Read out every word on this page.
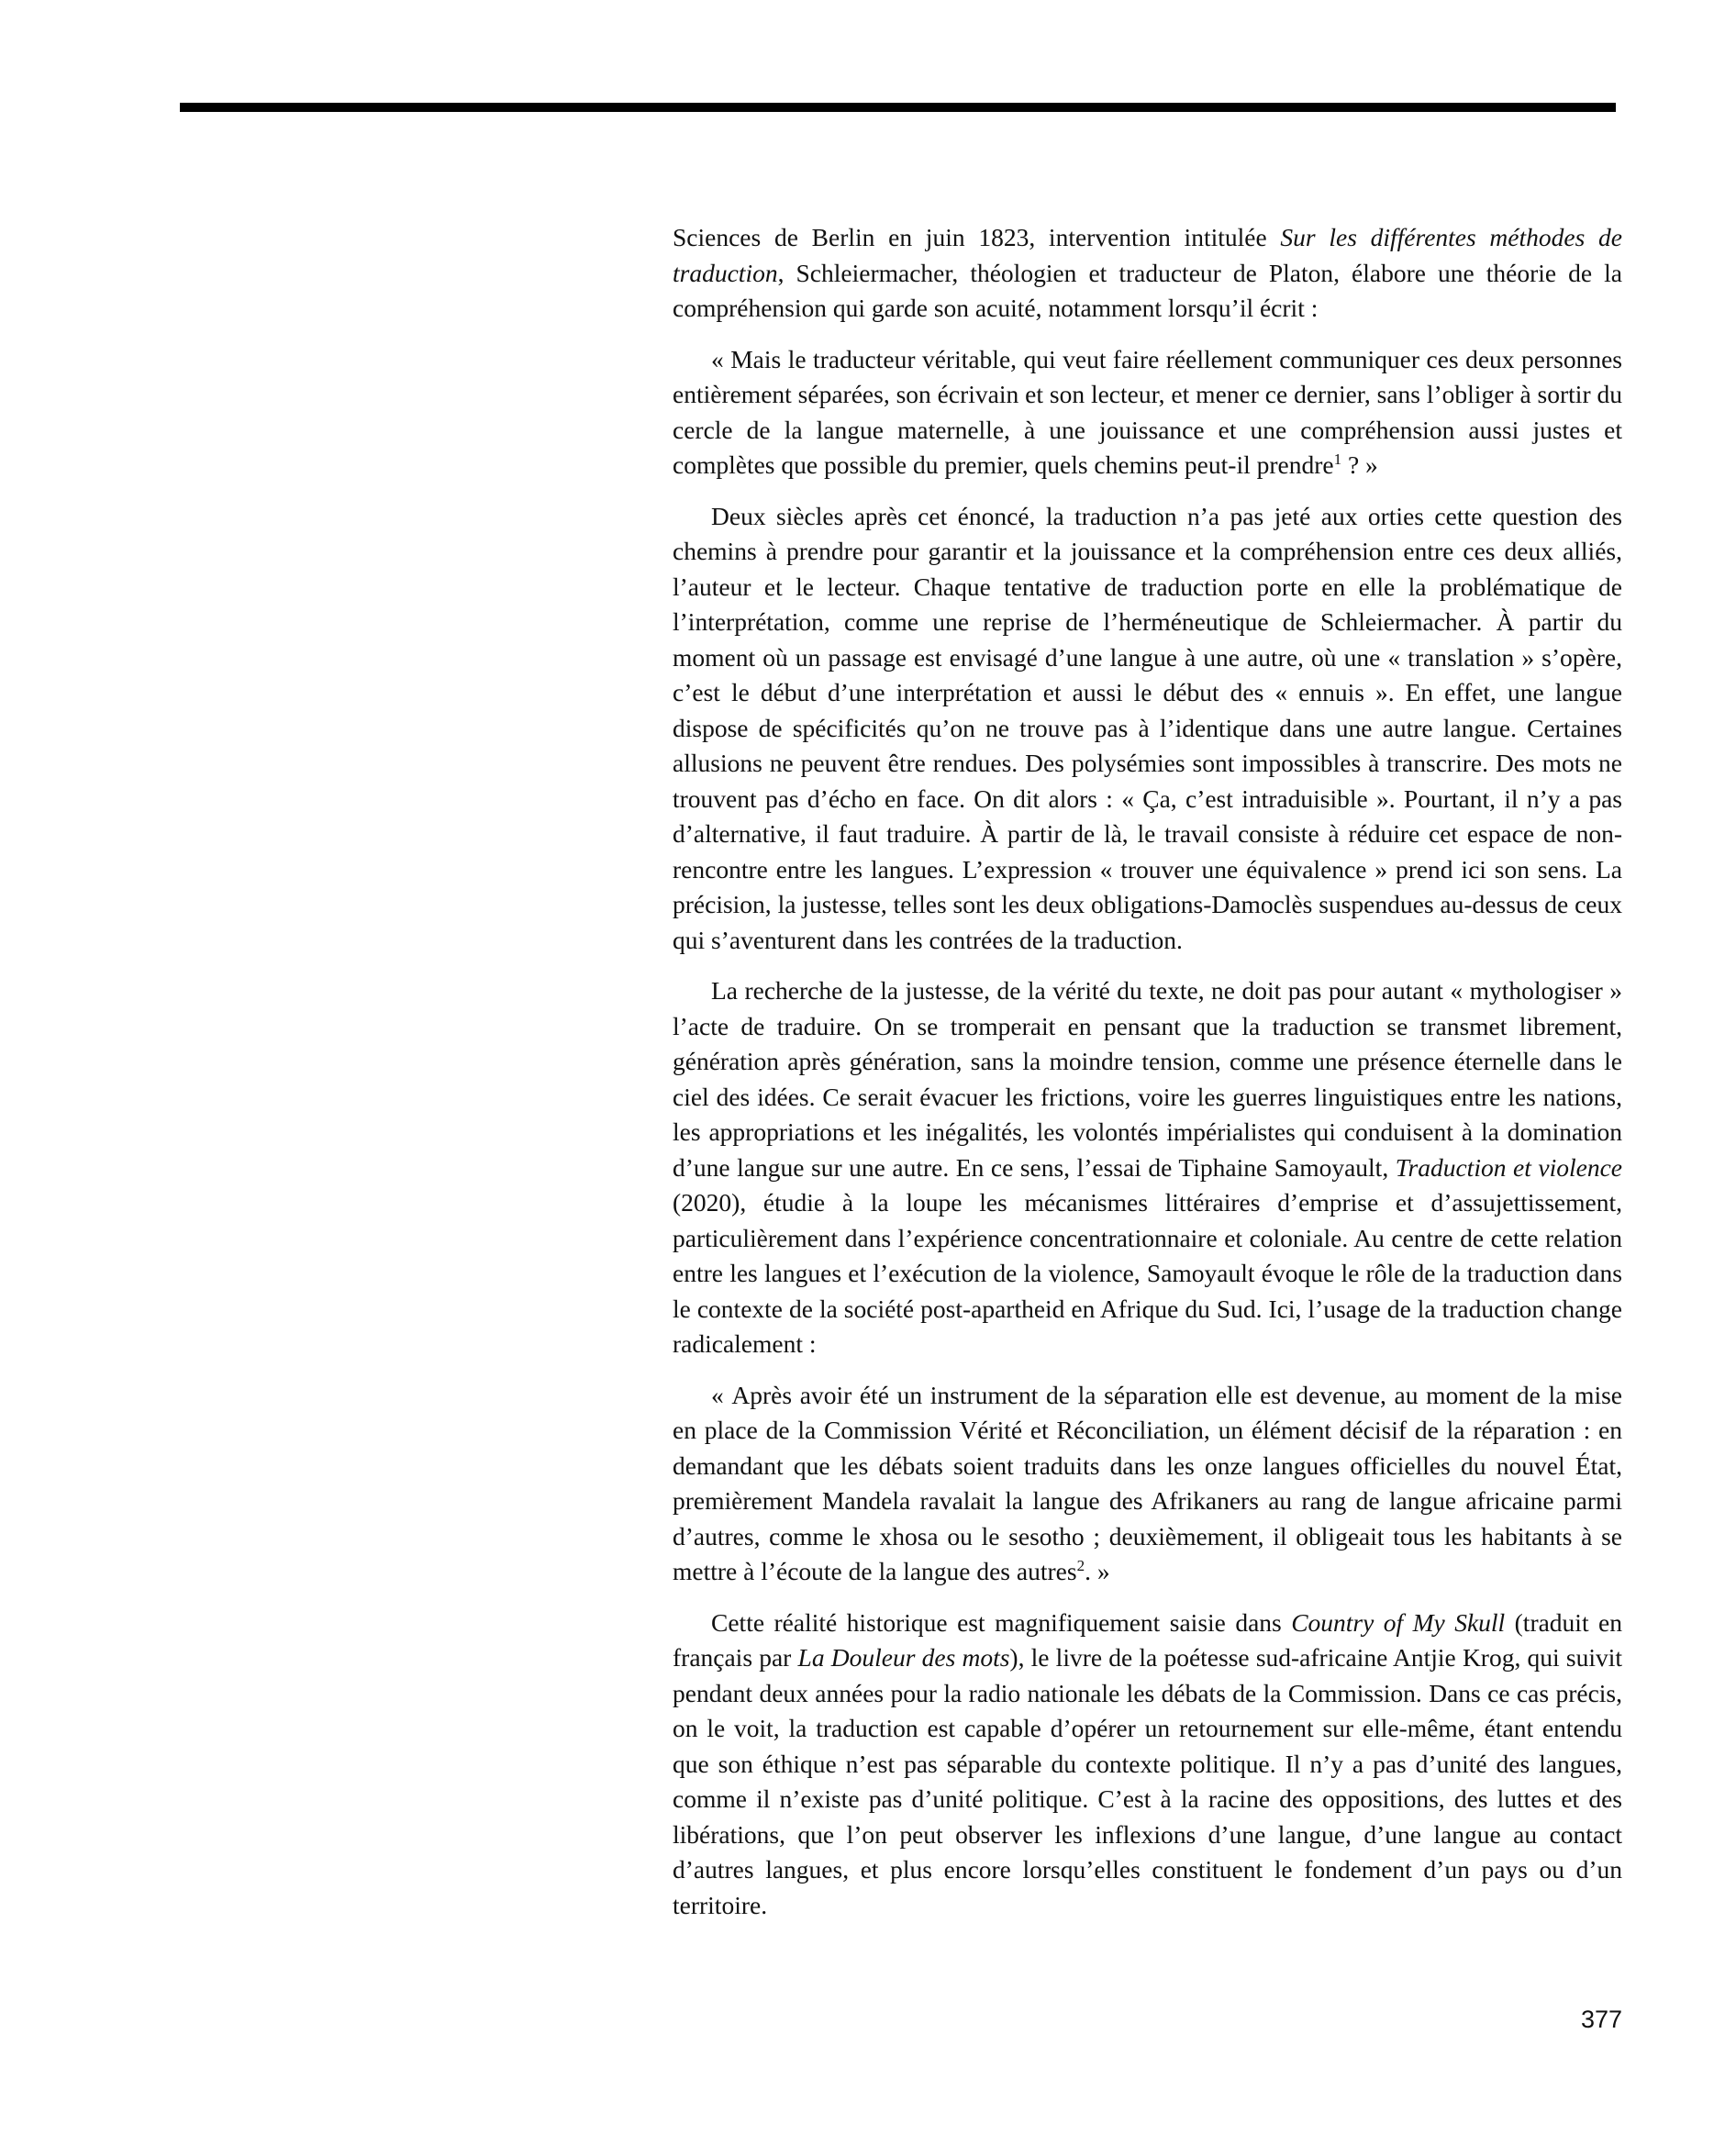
Sciences de Berlin en juin 1823, intervention intitulée Sur les différentes méthodes de traduction, Schleiermacher, théologien et traducteur de Platon, élabore une théorie de la compréhension qui garde son acuité, notamment lorsqu’il écrit :

« Mais le traducteur véritable, qui veut faire réellement communiquer ces deux personnes entièrement séparées, son écrivain et son lecteur, et mener ce dernier, sans l’obliger à sortir du cercle de la langue maternelle, à une jouissance et une compréhension aussi justes et complètes que possible du premier, quels chemins peut-il prendre$^1$ ? »

Deux siècles après cet énoncé, la traduction n’a pas jeté aux orties cette question des chemins à prendre pour garantir et la jouissance et la compréhension entre ces deux alliés, l’auteur et le lecteur. Chaque tentative de traduction porte en elle la problématique de l’interprétation, comme une reprise de l’herméneutique de Schleiermacher. À partir du moment où un passage est envisagé d’une langue à une autre, où une « translation » s’opère, c’est le début d’une interprétation et aussi le début des « ennuis ». En effet, une langue dispose de spécificités qu’on ne trouve pas à l’identique dans une autre langue. Certaines allusions ne peuvent être rendues. Des polysémies sont impossibles à transcrire. Des mots ne trouvent pas d’écho en face. On dit alors : « Ça, c’est intraduisible ». Pourtant, il n’y a pas d’alternative, il faut traduire. À partir de là, le travail consiste à réduire cet espace de non-rencontre entre les langues. L’expression « trouver une équivalence » prend ici son sens. La précision, la justesse, telles sont les deux obligations-Damoclès suspendues au-dessus de ceux qui s’aventurent dans les contrées de la traduction.

La recherche de la justesse, de la vérité du texte, ne doit pas pour autant « mythologiser » l’acte de traduire. On se tromperait en pensant que la traduction se transmet librement, génération après génération, sans la moindre tension, comme une présence éternelle dans le ciel des idées. Ce serait évacuer les frictions, voire les guerres linguistiques entre les nations, les appropriations et les inégalités, les volontés impérialistes qui conduisent à la domination d’une langue sur une autre. En ce sens, l’essai de Tiphaine Samoyault, Traduction et violence (2020), étudie à la loupe les mécanismes littéraires d’emprise et d’assujettissement, particulièrement dans l’expérience concentrationnaire et coloniale. Au centre de cette relation entre les langues et l’exécution de la violence, Samoyault évoque le rôle de la traduction dans le contexte de la société post-apartheid en Afrique du Sud. Ici, l’usage de la traduction change radicalement :

« Après avoir été un instrument de la séparation elle est devenue, au moment de la mise en place de la Commission Vérité et Réconciliation, un élément décisif de la réparation : en demandant que les débats soient traduits dans les onze langues officielles du nouvel État, premièrement Mandela ravalait la langue des Afrikaners au rang de langue africaine parmi d’autres, comme le xhosa ou le sesotho ; deuxièmement, il obligeait tous les habitants à se mettre à l’écoute de la langue des autres$^2$. »

Cette réalité historique est magnifiquement saisie dans Country of My Skull (traduit en français par La Douleur des mots), le livre de la poétesse sud-africaine Antjie Krog, qui suivit pendant deux années pour la radio nationale les débats de la Commission. Dans ce cas précis, on le voit, la traduction est capable d’opérer un retournement sur elle-même, étant entendu que son éthique n’est pas séparable du contexte politique. Il n’y a pas d’unité des langues, comme il n’existe pas d’unité politique. C’est à la racine des oppositions, des luttes et des libérations, que l’on peut observer les inflexions d’une langue, d’une langue au contact d’autres langues, et plus encore lorsqu’elles constituent le fondement d’un pays ou d’un territoire.

377
